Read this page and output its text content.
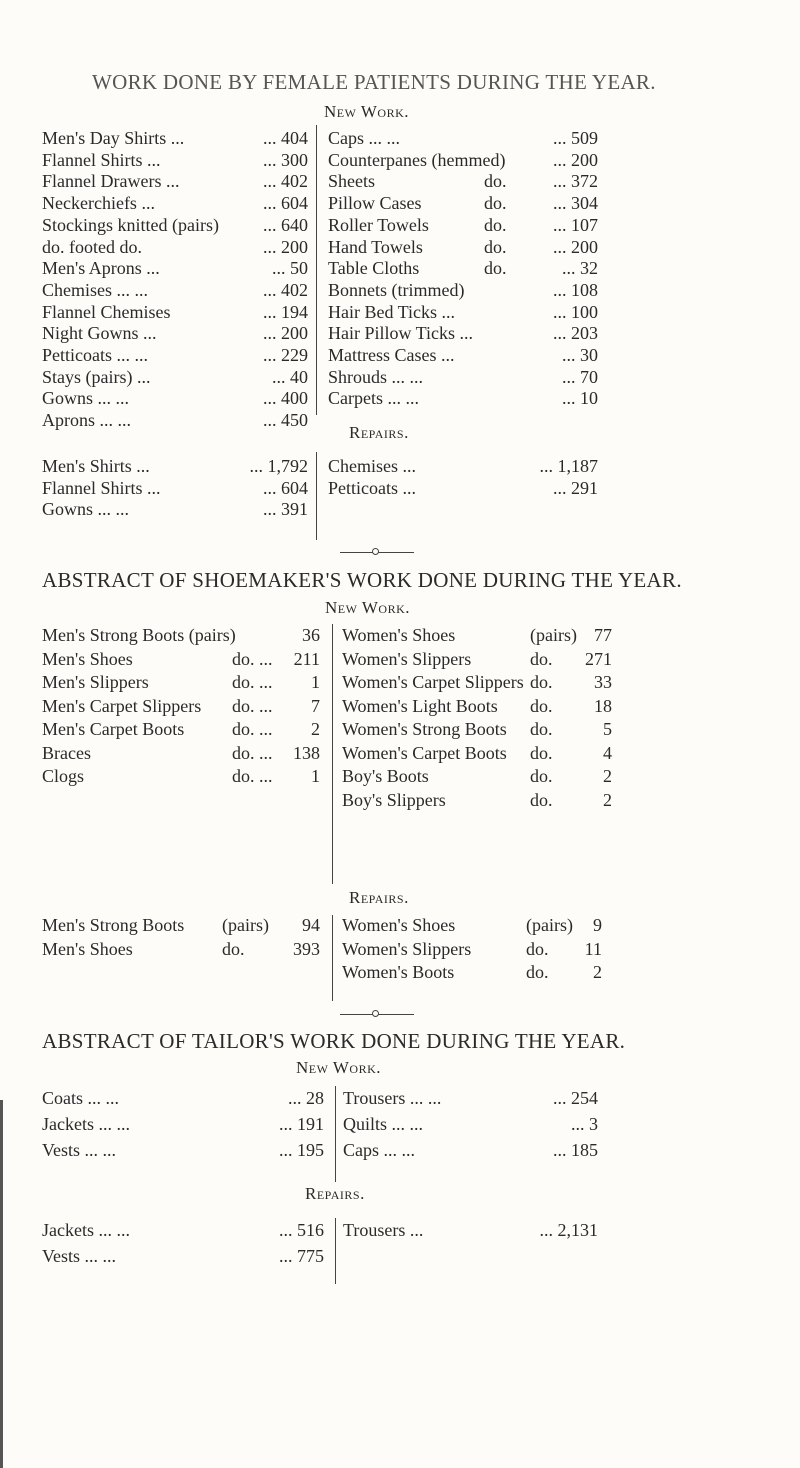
WORK DONE BY FEMALE PATIENTS DURING THE YEAR.
New Work.
Men's Day Shirts ...	... 404
Flannel Shirts ...	... 300
Flannel Drawers ...	... 402
Neckerchiefs ...	... 604
Stockings knitted (pairs) ... 640
do. footed do.	... 200
Men's Aprons ...	... 50
Chemises ... ...	... 402
Flannel Chemises	... 194
Night Gowns ...	... 200
Petticoats ... ...	... 229
Stays (pairs) ...	... 40
Gowns ... ...	... 400
Aprons ... ...	... 450
Caps ... ...	... 509
Counterpanes (hemmed)	... 200
Sheets	do.	... 372
Pillow Cases	do.	... 304
Roller Towels	do.	... 107
Hand Towels	do.	... 200
Table Cloths	do.	... 32
Bonnets (trimmed)	... 108
Hair Bed Ticks ...	... 100
Hair Pillow Ticks ...	... 203
Mattress Cases ...	... 30
Shrouds ... ...	... 70
Carpets ... ...	... 10
Repairs.
Men's Shirts ...	... 1,792
Flannel Shirts ...	... 604
Gowns ... ...	... 391
Chemises ...	... 1,187
Petticoats ...	... 291
ABSTRACT OF SHOEMAKER'S WORK DONE DURING THE YEAR.
New Work.
Men's Strong Boots (pairs)	36
Men's Shoes	do. ... 211
Men's Slippers	do. ... 1
Men's Carpet Slippers do. ... 7
Men's Carpet Boots	do. ... 2
Braces	do. ... 138
Clogs	do. ... 1
Women's Shoes	(pairs) 77
Women's Slippers	do. 271
Women's Carpet Slippers do. 33
Women's Light Boots do. 18
Women's Strong Boots do.	5
Women's Carpet Boots do.	4
Boy's Boots	do.	2
Boy's Slippers	do.	2
Repairs.
Men's Strong Boots (pairs) 94
Men's Shoes	do.	393
Women's Shoes	(pairs) 9
Women's Slippers	do. 11
Women's Boots	do. 2
ABSTRACT OF TAILOR'S WORK DONE DURING THE YEAR.
New Work.
Coats ... ...	... 28
Jackets ... ...	... 191
Vests ... ...	... 195
Trousers ... ...	... 254
Quilts ... ...	... 3
Caps ... ...	... 185
Repairs.
Jackets ... ...	... 516
Vests ... ...	... 775
Trousers ...	... 2,131
